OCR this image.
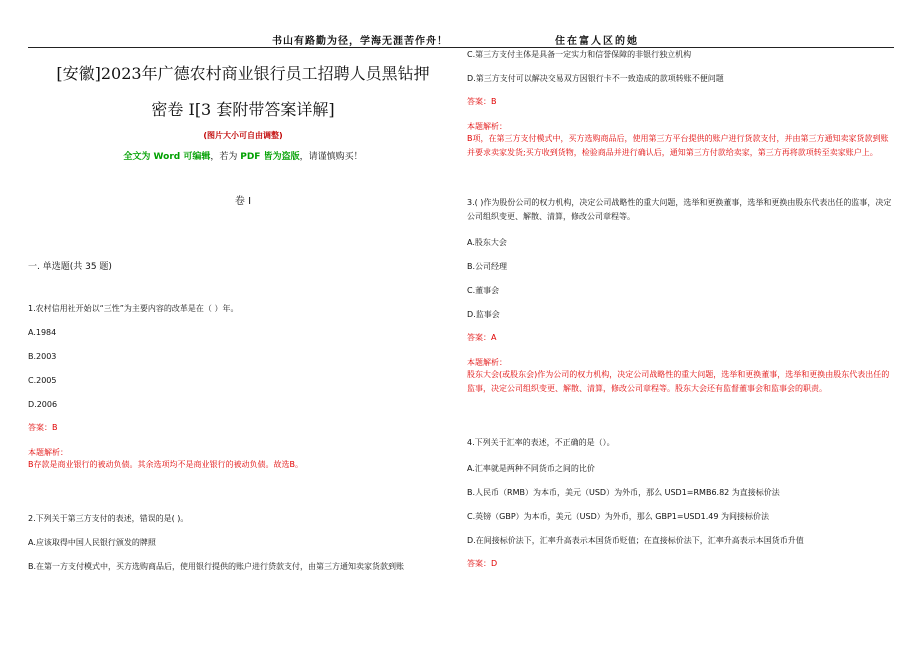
书山有路勤为径，学海无涯苦作舟！	住在富人区的她
[安徽]2023年广德农村商业银行员工招聘人员黑钻押
密卷 I[3 套附带答案详解]
(图片大小可自由调整)
全文为 Word 可编辑，若为 PDF 皆为盗版，请谨慎购买！
卷 I
一. 单选题(共 35 题)

1.农村信用社开始以“三性”为主要内容的改革是在（ ）年。

A.1984

B.2003

C.2005

D.2006

答案：B

本题解析：

B存款是商业银行的被动负债。其余选项均不是商业银行的被动负债。故选B。

2.下列关于第三方支付的表述，错误的是( )。

A.应该取得中国人民银行颁发的牌照

B.在第一方支付模式中，买方选购商品后，使用银行提供的账户进行贷款支付，由第三方通知卖家货款到账

C.第三方支付主体是具备一定实力和信誉保障的非银行独立机构

D.第三方支付可以解决交易双方因银行卡不一致造成的款项转账不便问题

答案：B

本题解析：

B项，在第三方支付模式中，买方选购商品后，使用第三方平台提供的账户进行货款支付，并由第三方通知卖家货款到账并要求卖家发货;买方收到货物，检验商品并进行确认后，通知第三方付款给卖家，第三方再将款项转至卖家账户上。

3.( )作为股份公司的权力机构，决定公司战略性的重大问题，选举和更换董事，选举和更换由股东代表出任的监事，决定公司组织变更、解散、清算，修改公司章程等。

A.股东大会

B.公司经理

C.董事会

D.监事会

答案：A

本题解析：

股东大会(或股东会)作为公司的权力机构，决定公司战略性的重大问题，选举和更换董事，选举和更换由股东代表出任的监事，决定公司组织变更、解散、清算，修改公司章程等。股东大会还有监督董事会和监事会的职责。

4.下列关于汇率的表述，不正确的是（）。

A.汇率就是两种不同货币之间的比价

B.人民币（RMB）为本币，美元（USD）为外币，那么 USD1=RMB6.82 为直接标价法

C.英镑（GBP）为本币，美元（USD）为外币，那么 GBP1=USD1.49 为间接标价法

D.在间接标价法下，汇率升高表示本国货币贬值；在直接标价法下，汇率升高表示本国货币升值

答案：D
